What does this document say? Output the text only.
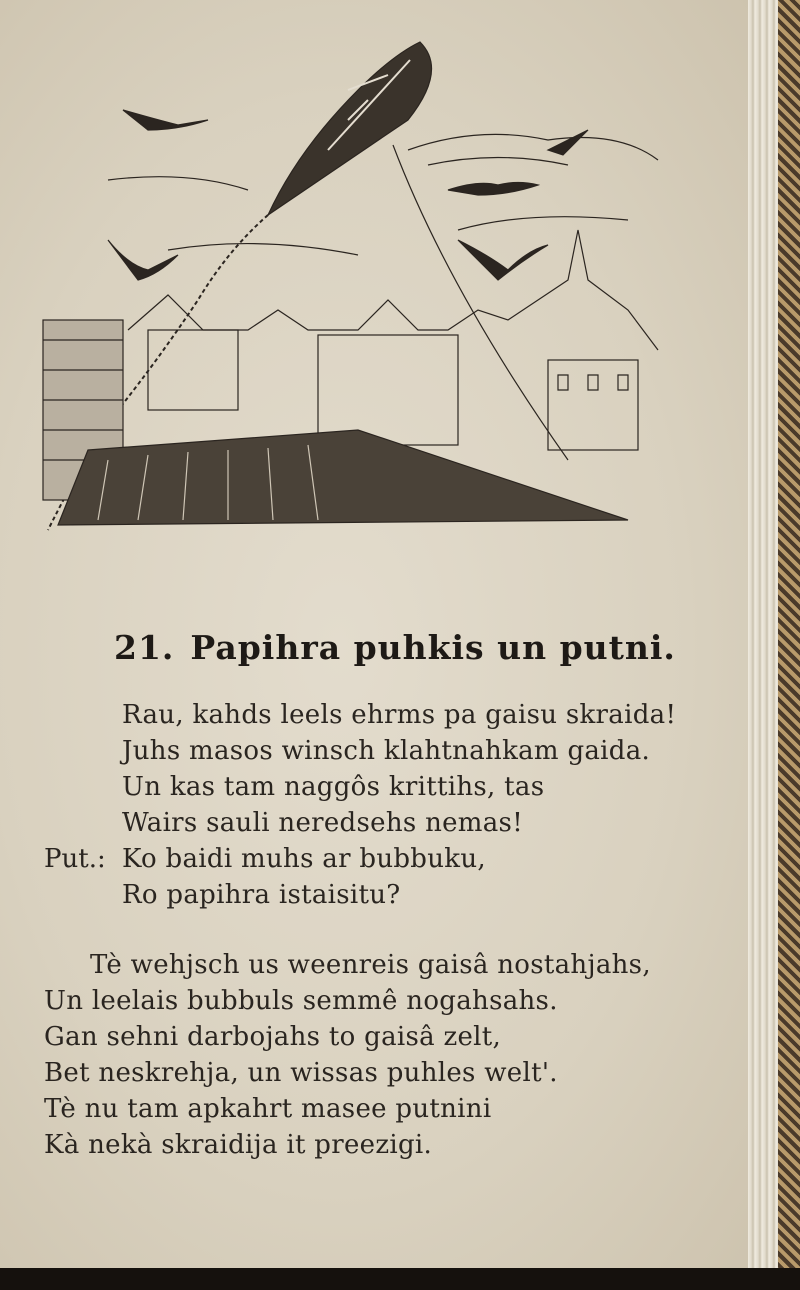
21. Papihra puhkis un putni.
Rau, kahds leels ehrms pa gaisu skraida!
Juhs masos winsch klahtnahkam gaida.
Un kas tam naggôs krittihs, tas
Wairs sauli neredsehs nemas!
Put.: Ko baidi muhs ar bubbuku,
Ro papihra istaisitu?
Tè wehjsch us weenreis gaisâ nostahjahs,
Un leelais bubbuls semmê nogahsahs.
Gan sehni darbojahs to gaisâ zelt,
Bet neskrehja, un wissas puhles welt'.
Tè nu tam apkahrt masee putnini
Kà nekà skraidija it preezigi.
